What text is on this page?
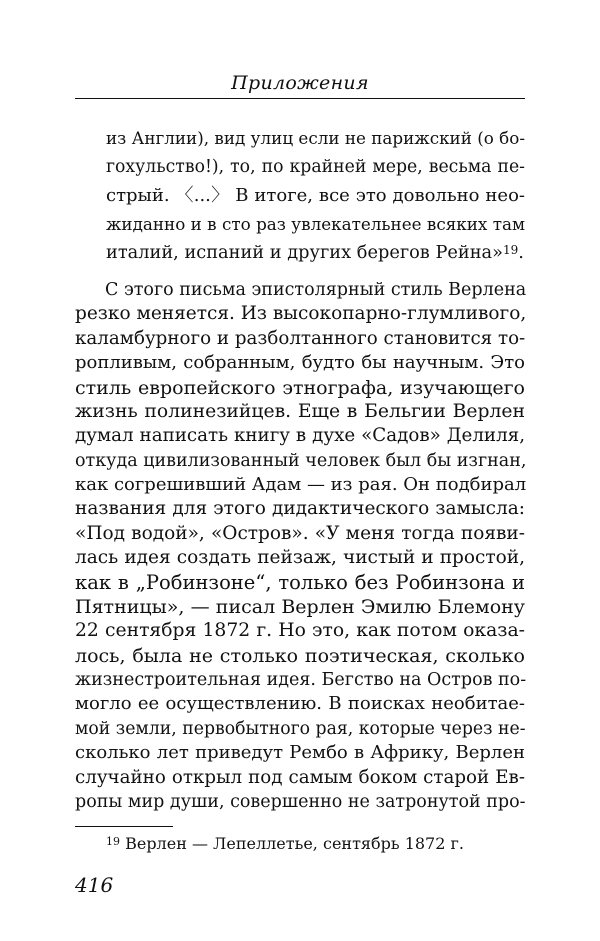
Приложения
из Англии), вид улиц если не парижский (о бо-
гохульство!), то, по крайней мере, весьма пе-
стрый. 〈...〉 В итоге, все это довольно нео-
жиданно и в сто раз увлекательнее всяких там
италий, испаний и других берегов Рейна»$^{19}$.
С этого письма эпистолярный стиль Верлена
резко меняется. Из высокопарно-глумливого,
каламбурного и разболтанного становится то-
ропливым, собранным, будто бы научным. Это
стиль европейского этнографа, изучающего
жизнь полинезийцев. Еще в Бельгии Верлен
думал написать книгу в духе «Садов» Делиля,
откуда цивилизованный человек был бы изгнан,
как согрешивший Адам — из рая. Он подбирал
названия для этого дидактического замысла:
«Под водой», «Остров». «У меня тогда появи-
лась идея создать пейзаж, чистый и простой,
как в „Робинзоне“, только без Робинзона и
Пятницы», — писал Верлен Эмилю Блемону
22 сентября 1872 г. Но это, как потом оказа-
лось, была не столько поэтическая, сколько
жизнестроительная идея. Бегство на Остров по-
могло ее осуществлению. В поисках необитае-
мой земли, первобытного рая, которые через не-
сколько лет приведут Рембо в Африку, Верлен
случайно открыл под самым боком старой Ев-
ропы мир души, совершенно не затронутой про-
$^{19}$ Верлен — Лепеллетье, сентябрь 1872 г.
416
